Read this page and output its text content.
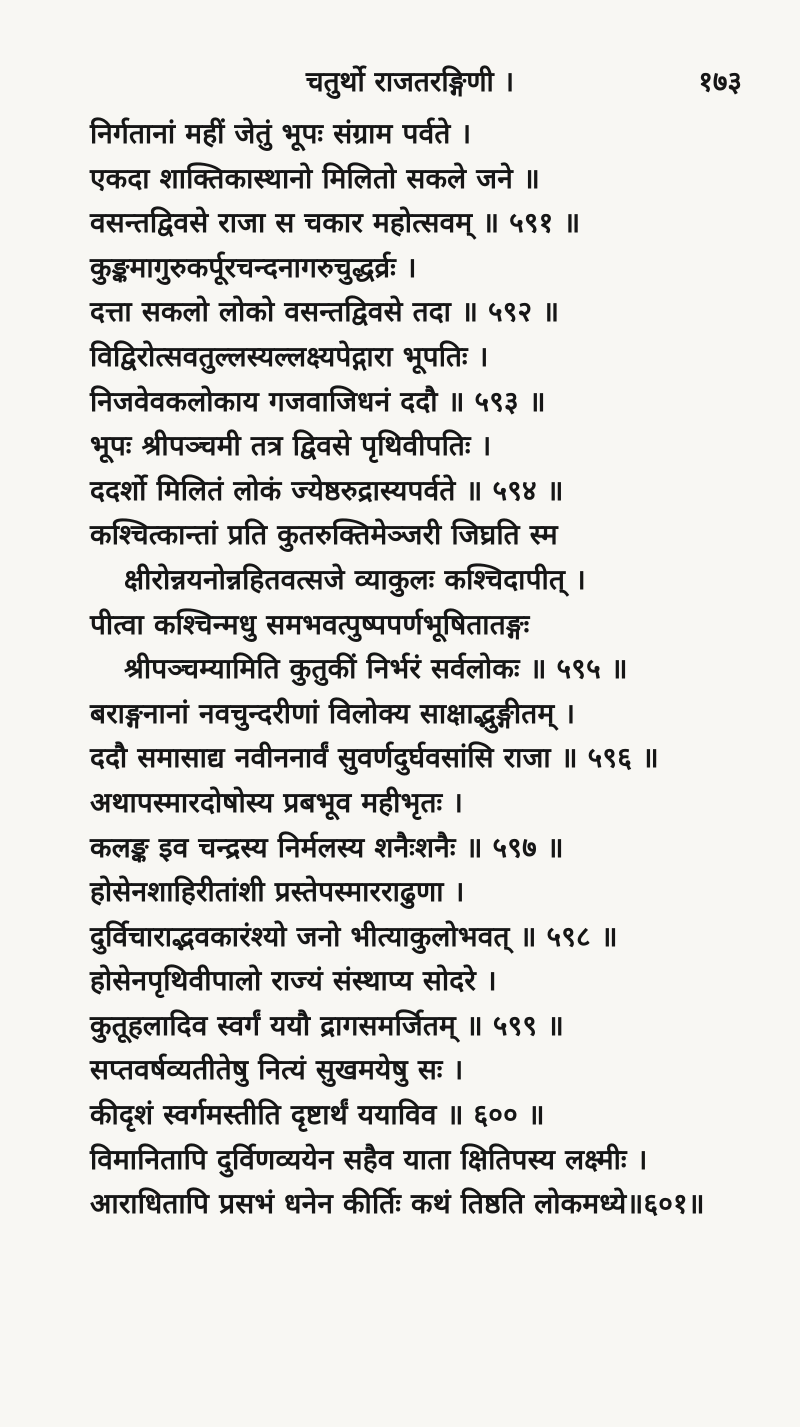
चतुर्थो राजतरङ्गिणी ।	१७३
निर्गतानां महीं जेतुं भूपः संग्राम पर्वते ।
एकदा शाक्तिकास्थानो मिलितो सकले जने ॥
वसन्तद्विवसे राजा स चकार महोत्सवम् ॥ ५९१ ॥
कुङ्कमागुरुकर्पूरचन्दनागरुचुद्धर्व्रः ।
दत्ता सकलो लोको वसन्तद्विवसे तदा ॥ ५९२ ॥
विद्विरोत्सवतुल्लस्यल्लक्ष्यपेद्गारा भूपतिः ।
निजवेवकलोकाय गजवाजिधनं ददौ ॥ ५९३ ॥
भूपः श्रीपञ्चमी तत्र द्विवसे पृथिवीपतिः ।
ददर्शो मिलितं लोकं ज्येष्ठरुद्रास्यपर्वते ॥ ५९४ ॥
कश्चित्कान्तां प्रति कुतरुक्तिमेञ्जरी जिघ्रति स्म
क्षीरोन्नयनोन्नहितवत्सजे व्याकुलः कश्चिदापीत् ।
पीत्वा कश्चिन्मधु समभवत्पुष्पपर्णभूषितातङ्गः
श्रीपञ्चम्यामिति कुतुकीं निर्भरं सर्वलोकः ॥ ५९५ ॥
बराङ्गनानां नवचुन्दरीणां विलोक्य साक्षाद्भुङ्गीतम् ।
ददौ समासाद्य नवीननार्वं सुवर्णदुर्घवसांसि राजा ॥ ५९६ ॥
अथापस्मारदोषोस्य प्रबभूव महीभृतः ।
कलङ्क इव चन्द्रस्य निर्मलस्य शनैःशनैः ॥ ५९७ ॥
होसेनशाहिरीतांशी प्रस्तेपस्मारराढुणा ।
दुर्विचाराद्भवकारंश्यो जनो भीत्याकुलोभवत् ॥ ५९८ ॥
होसेनपृथिवीपालो राज्यं संस्थाप्य सोदरे ।
कुतूहलादिव स्वर्गं ययौ द्रागसमर्जितम् ॥ ५९९ ॥
सप्तवर्षव्यतीतेषु नित्यं सुखमयेषु सः ।
कीदृशं स्वर्गमस्तीति दृष्टार्थं ययाविव ॥ ६०० ॥
विमानितापि दुर्विणव्ययेन सहैव याता क्षितिपस्य लक्ष्मीः ।
आराधितापि प्रसभं धनेन कीर्तिः कथं तिष्ठति लोकमध्ये॥६०१॥
